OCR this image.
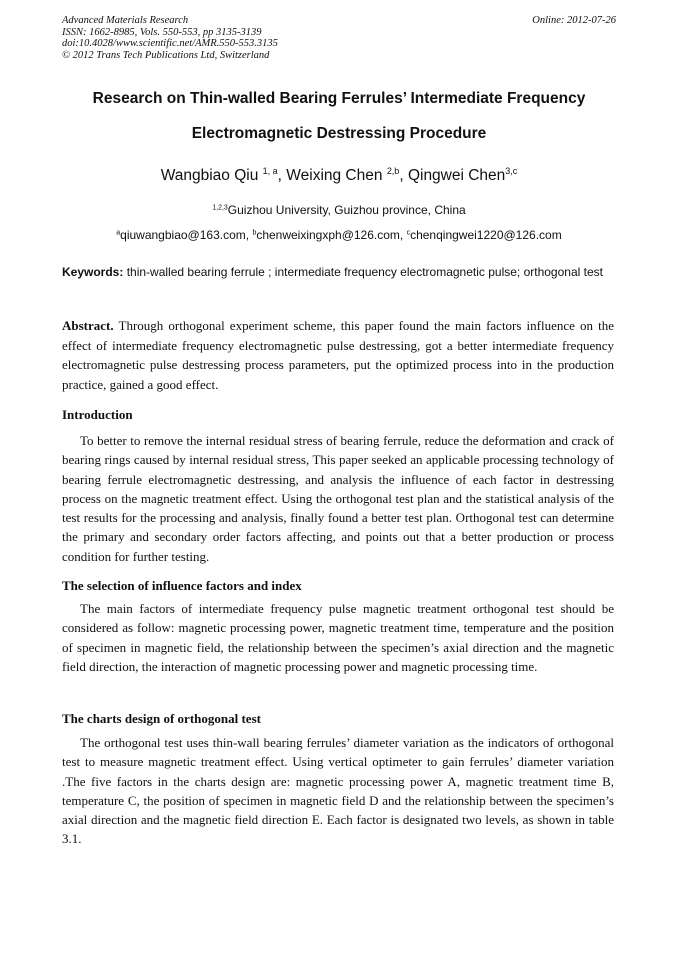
Advanced Materials Research
ISSN: 1662-8985, Vols. 550-553, pp 3135-3139
doi:10.4028/www.scientific.net/AMR.550-553.3135
© 2012 Trans Tech Publications Ltd, Switzerland
Online: 2012-07-26
Research on Thin-walled Bearing Ferrules’ Intermediate Frequency
Electromagnetic Destressing Procedure
Wangbiao Qiu $^{1, a}$, Weixing Chen $^{2,b}$, Qingwei Chen$^{3,c}$
$^{1,2,3}$Guizhou University, Guizhou province, China
$^a$qiuwangbiao@163.com, $^b$chenweixingxph@126.com, $^c$chenqingwei1220@126.com
Keywords: thin-walled bearing ferrule ; intermediate frequency electromagnetic pulse; orthogonal test
Abstract. Through orthogonal experiment scheme, this paper found the main factors influence on the effect of intermediate frequency electromagnetic pulse destressing, got a better intermediate frequency electromagnetic pulse destressing process parameters, put the optimized process into in the production practice, gained a good effect.
Introduction
To better to remove the internal residual stress of bearing ferrule, reduce the deformation and crack of bearing rings caused by internal residual stress, This paper seeked an applicable processing technology of bearing ferrule electromagnetic destressing, and analysis the influence of each factor in destressing process on the magnetic treatment effect. Using the orthogonal test plan and the statistical analysis of the test results for the processing and analysis, finally found a better test plan. Orthogonal test can determine the primary and secondary order factors affecting, and points out that a better production or process condition for further testing.
The selection of influence factors and index
The main factors of intermediate frequency pulse magnetic treatment orthogonal test should be considered as follow: magnetic processing power, magnetic treatment time, temperature and the position of specimen in magnetic field, the relationship between the specimen’s axial direction and the magnetic field direction, the interaction of magnetic processing power and magnetic processing time.
The charts design of orthogonal test
The orthogonal test uses thin-wall bearing ferrules’ diameter variation as the indicators of orthogonal test to measure magnetic treatment effect. Using vertical optimeter to gain ferrules’ diameter variation .The five factors in the charts design are: magnetic processing power A, magnetic treatment time B, temperature C, the position of specimen in magnetic field D and the relationship between the specimen’s axial direction and the magnetic field direction E. Each factor is designated two levels, as shown in table 3.1.
